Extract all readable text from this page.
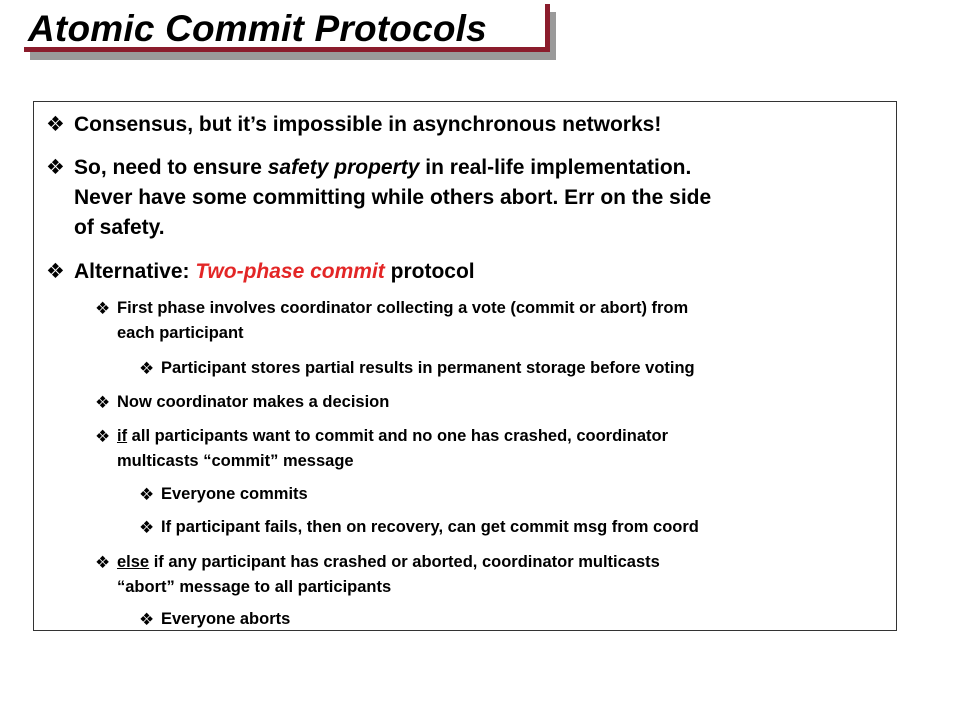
Atomic Commit Protocols
❖ Consensus, but it’s impossible in asynchronous networks!
❖ So, need to ensure safety property in real-life implementation.
Never have some committing while others abort. Err on the side
of safety.
❖ Alternative: Two-phase commit protocol
❖ First phase involves coordinator collecting a vote (commit or abort) from
each participant
❖ Participant stores partial results in permanent storage before voting
❖ Now coordinator makes a decision
❖ if all participants want to commit and no one has crashed, coordinator
multicasts “commit” message
❖ Everyone commits
❖ If participant fails, then on recovery, can get commit msg from coord
❖ else if any participant has crashed or aborted, coordinator multicasts
“abort” message to all participants
❖ Everyone aborts
